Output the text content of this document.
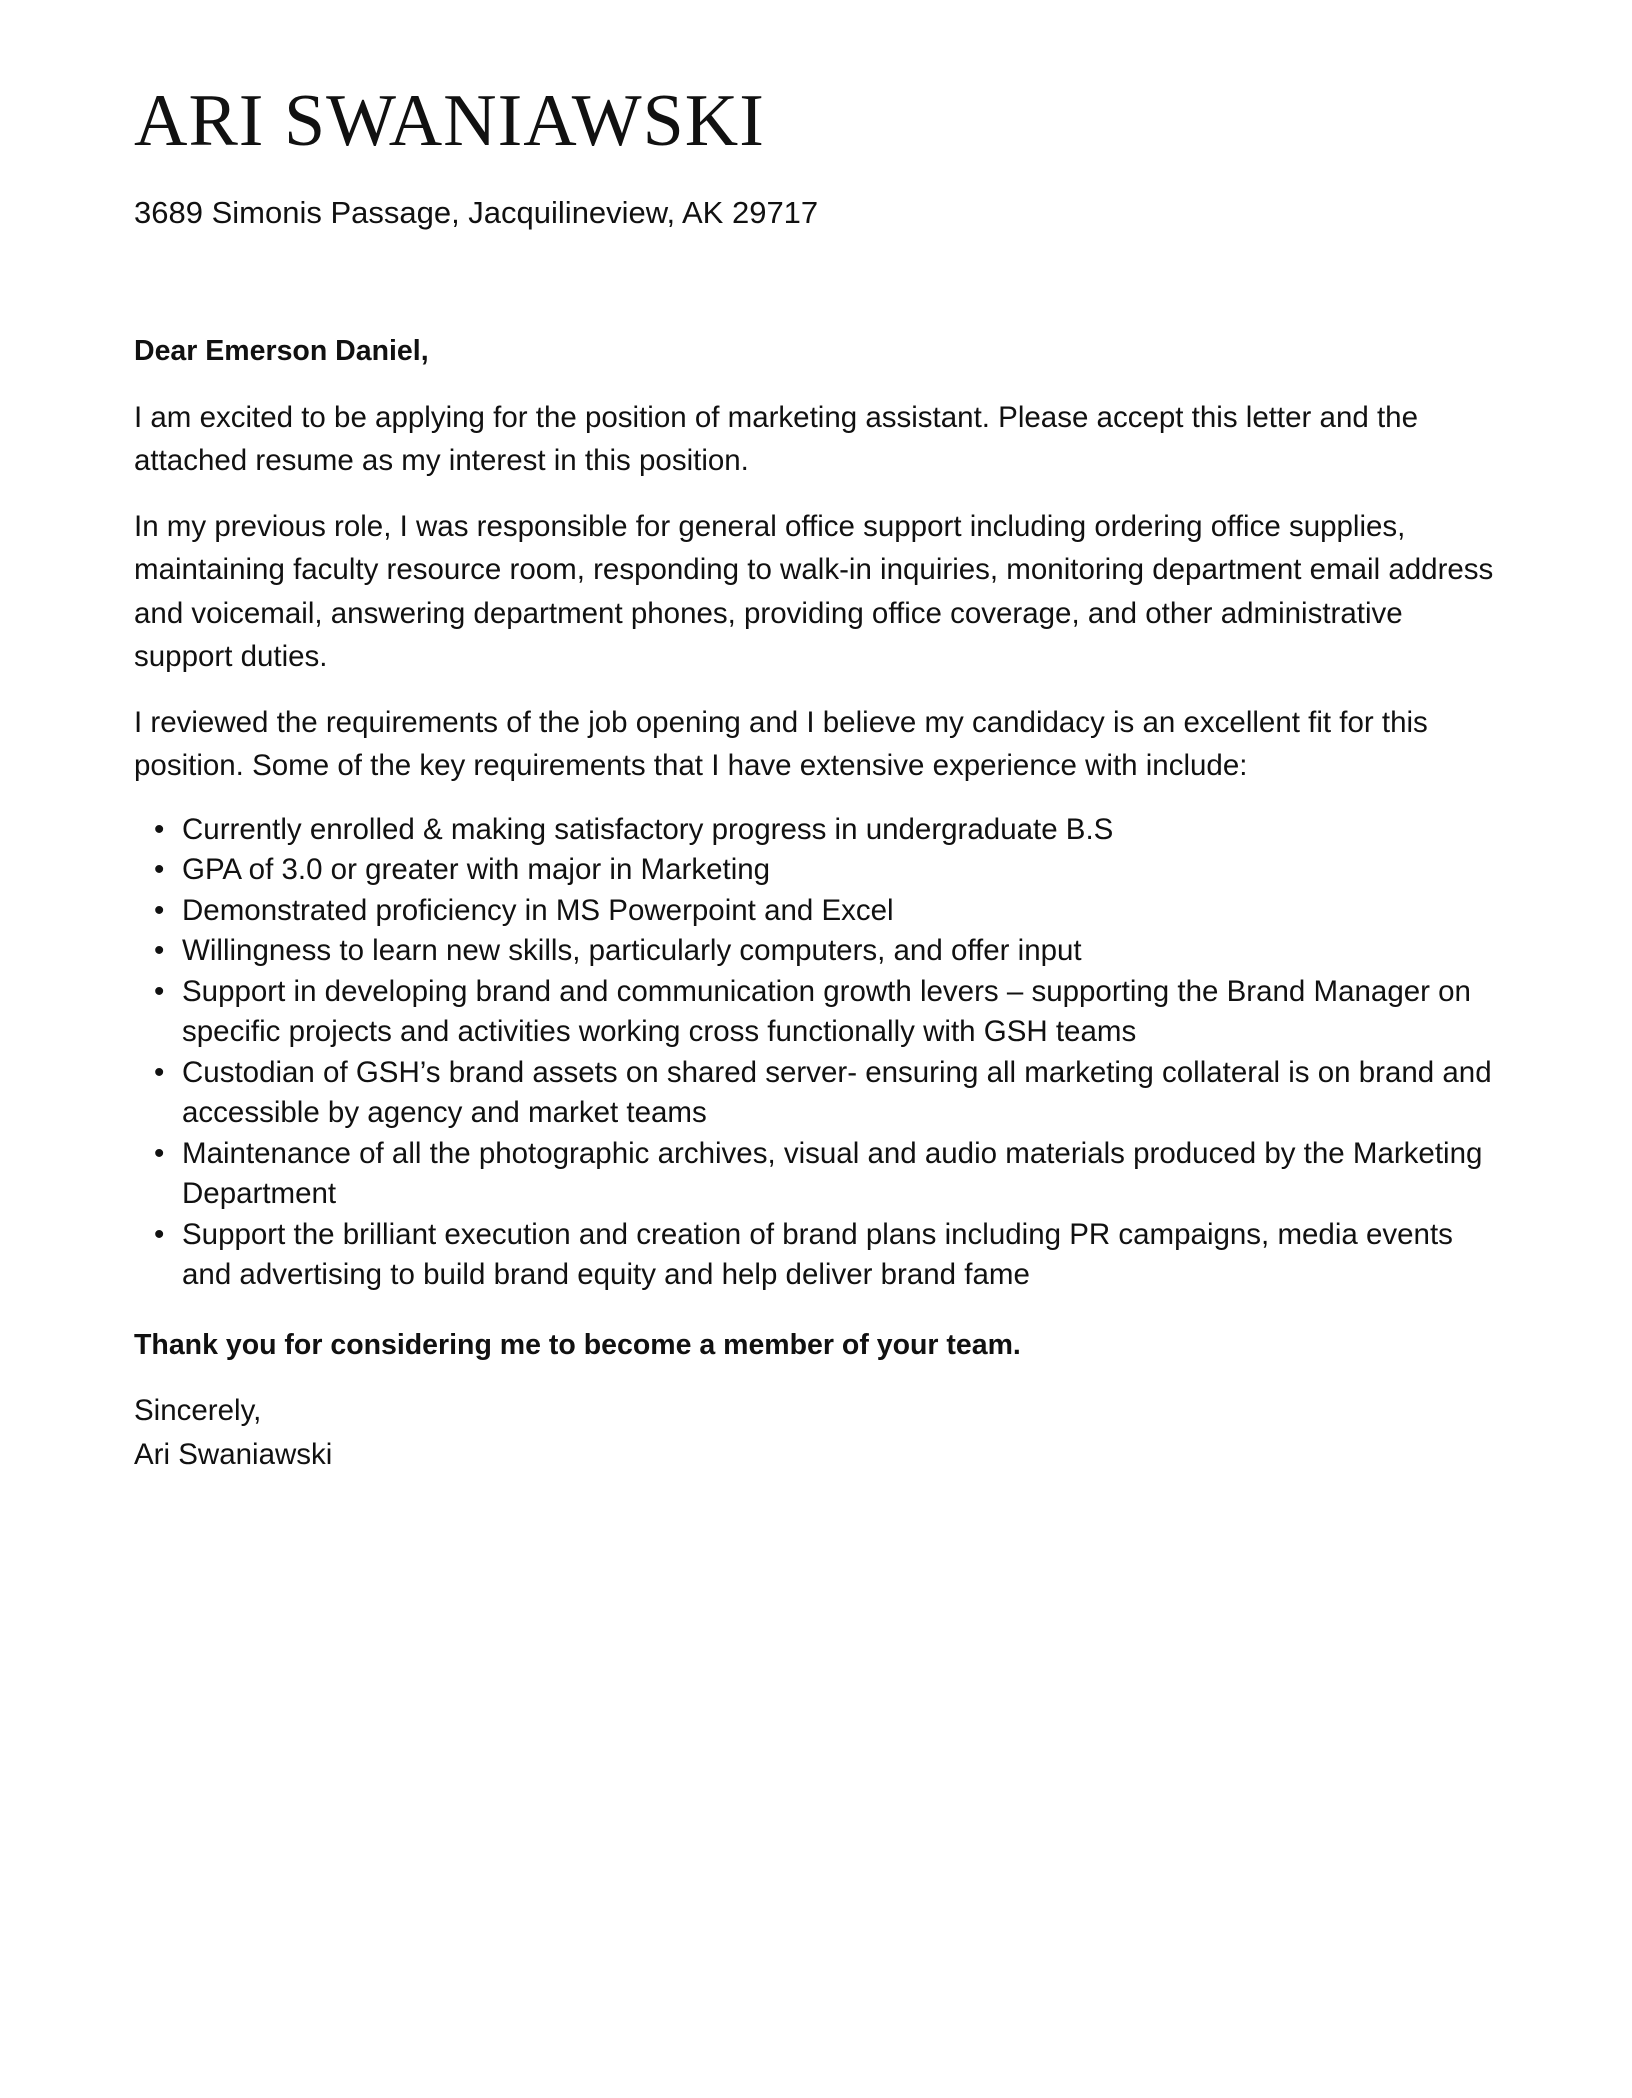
ARI SWANIAWSKI

3689 Simonis Passage, Jacquilineview, AK 29717

Dear Emerson Daniel,

I am excited to be applying for the position of marketing assistant. Please accept this letter and the attached resume as my interest in this position.

In my previous role, I was responsible for general office support including ordering office supplies, maintaining faculty resource room, responding to walk-in inquiries, monitoring department email address and voicemail, answering department phones, providing office coverage, and other administrative support duties.

I reviewed the requirements of the job opening and I believe my candidacy is an excellent fit for this position. Some of the key requirements that I have extensive experience with include:

• Currently enrolled & making satisfactory progress in undergraduate B.S
• GPA of 3.0 or greater with major in Marketing
• Demonstrated proficiency in MS Powerpoint and Excel
• Willingness to learn new skills, particularly computers, and offer input
• Support in developing brand and communication growth levers – supporting the Brand Manager on specific projects and activities working cross functionally with GSH teams
• Custodian of GSH’s brand assets on shared server- ensuring all marketing collateral is on brand and accessible by agency and market teams
• Maintenance of all the photographic archives, visual and audio materials produced by the Marketing Department
• Support the brilliant execution and creation of brand plans including PR campaigns, media events and advertising to build brand equity and help deliver brand fame

Thank you for considering me to become a member of your team.

Sincerely,
Ari Swaniawski
